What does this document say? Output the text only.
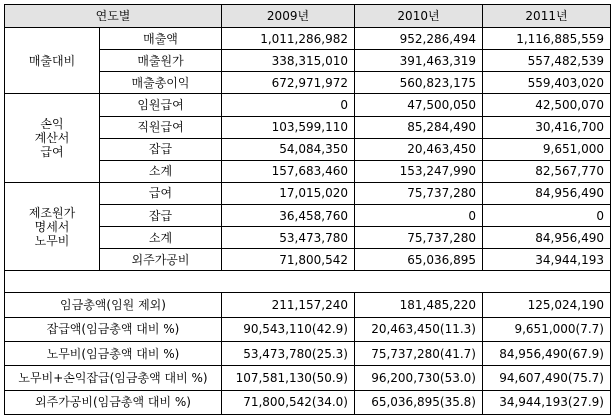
연도별		2009년	2010년	2011년

매출대비	매출액	1,011,286,982	952,286,494	1,116,885,559
	매출원가	338,315,010	391,463,319	557,482,539
	매출총이익	672,971,972	560,823,175	559,403,020

손익
계산서
급여	임원급여	0	47,500,050	42,500,070
	직원급여	103,599,110	85,284,490	30,416,700
	잡급	54,084,350	20,463,450	9,651,000
	소계	157,683,460	153,247,990	82,567,770

제조원가
명세서
노무비	급여	17,015,020	75,737,280	84,956,490
	잡급	36,458,760	0	0
	소계	53,473,780	75,737,280	84,956,490
	외주가공비	71,800,542	65,036,895	34,944,193

임금총액(임원 제외)		211,157,240	181,485,220	125,024,190
잡급액(임금총액 대비 %)		90,543,110(42.9)	20,463,450(11.3)	9,651,000(7.7)
노무비(임금총액 대비 %)		53,473,780(25.3)	75,737,280(41.7)	84,956,490(67.9)
노무비+손익잡급(임금총액 대비 %)		107,581,130(50.9)	96,200,730(53.0)	94,607,490(75.7)
외주가공비(임금총액 대비 %)		71,800,542(34.0)	65,036,895(35.8)	34,944,193(27.9)
